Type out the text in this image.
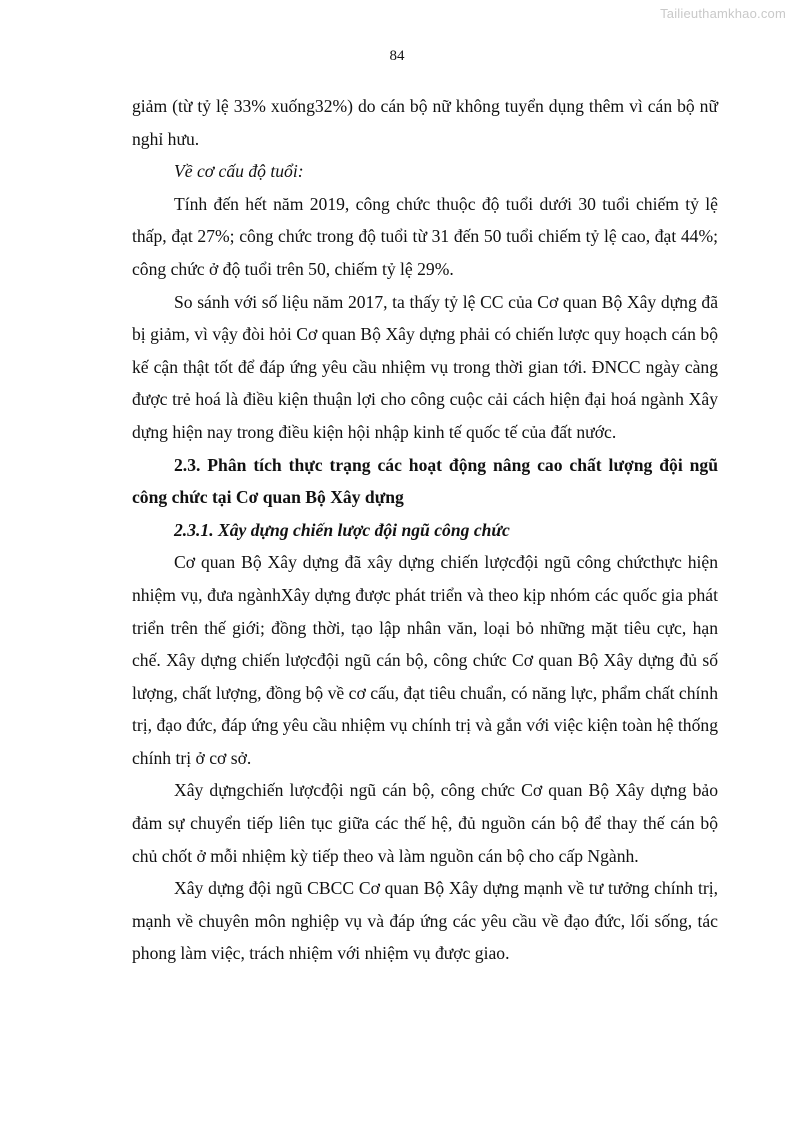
Tailieuthamkhao.com
84

giảm (từ tỷ lệ 33% xuống32%) do cán bộ nữ không tuyển dụng thêm vì cán bộ nữ nghỉ hưu.

Về cơ cấu độ tuổi:

Tính đến hết năm 2019, công chức thuộc độ tuổi dưới 30 tuổi chiếm tỷ lệ thấp, đạt 27%; công chức trong độ tuổi từ 31 đến 50 tuổi chiếm tỷ lệ cao, đạt 44%; công chức ở độ tuổi trên 50, chiếm tỷ lệ 29%.

So sánh với số liệu năm 2017, ta thấy tỷ lệ CC của Cơ quan Bộ Xây dựng đã bị giảm, vì vậy đòi hỏi Cơ quan Bộ Xây dựng phải có chiến lược quy hoạch cán bộ kế cận thật tốt để đáp ứng yêu cầu nhiệm vụ trong thời gian tới. ĐNCC ngày càng được trẻ hoá là điều kiện thuận lợi cho công cuộc cải cách hiện đại hoá ngành Xây dựng hiện nay trong điều kiện hội nhập kinh tế quốc tế của đất nước.

2.3. Phân tích thực trạng các hoạt động nâng cao chất lượng đội ngũ công chức tại Cơ quan Bộ Xây dựng

2.3.1. Xây dựng chiến lược đội ngũ công chức

Cơ quan Bộ Xây dựng đã xây dựng chiến lượcđội ngũ công chứcthực hiện nhiệm vụ, đưa ngànhXây dựng được phát triển và theo kịp nhóm các quốc gia phát triển trên thế giới; đồng thời, tạo lập nhân văn, loại bỏ những mặt tiêu cực, hạn chế. Xây dựng chiến lượcđội ngũ cán bộ, công chức Cơ quan Bộ Xây dựng đủ số lượng, chất lượng, đồng bộ về cơ cấu, đạt tiêu chuẩn, có năng lực, phẩm chất chính trị, đạo đức, đáp ứng yêu cầu nhiệm vụ chính trị và gắn với việc kiện toàn hệ thống chính trị ở cơ sở.

Xây dựngchiến lượcđội ngũ cán bộ, công chức Cơ quan Bộ Xây dựng bảo đảm sự chuyển tiếp liên tục giữa các thế hệ, đủ nguồn cán bộ để thay thế cán bộ chủ chốt ở mỗi nhiệm kỳ tiếp theo và làm nguồn cán bộ cho cấp Ngành.

Xây dựng đội ngũ CBCC Cơ quan Bộ Xây dựng mạnh về tư tưởng chính trị, mạnh về chuyên môn nghiệp vụ và đáp ứng các yêu cầu về đạo đức, lối sống, tác phong làm việc, trách nhiệm với nhiệm vụ được giao.
